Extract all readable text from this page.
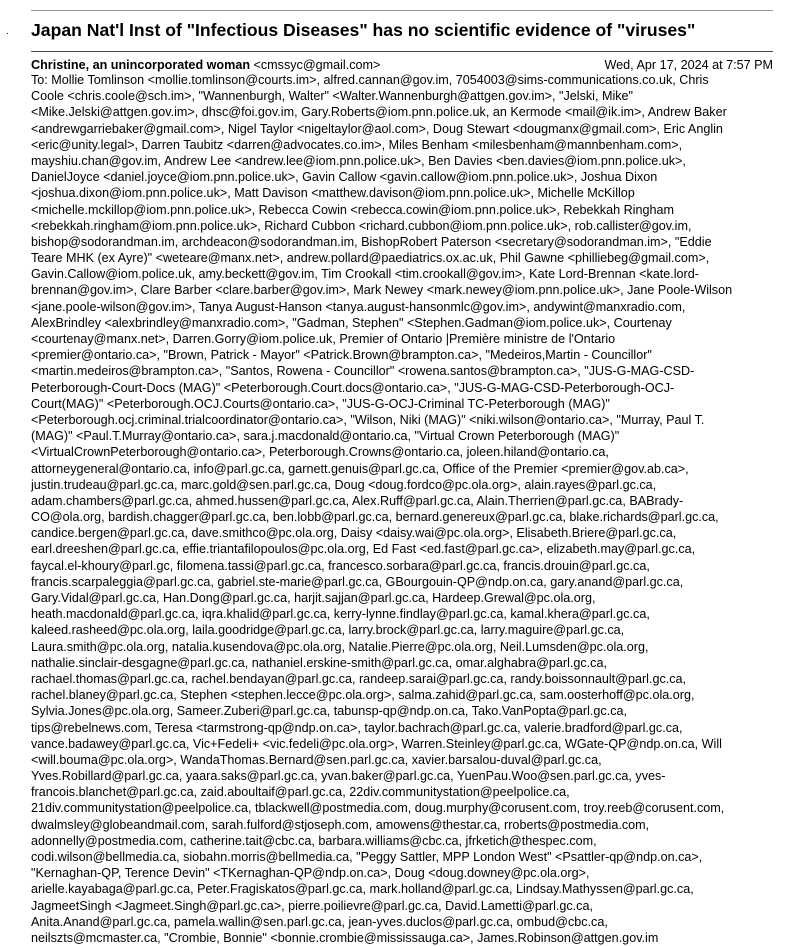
. Japan Nat'l Inst of "Infectious Diseases" has no scientific evidence of "viruses"
Christine, an unincorporated woman <cmssyc@gmail.com>	Wed, Apr 17, 2024 at 7:57 PM
To: Mollie Tomlinson <mollie.tomlinson@courts.im>, alfred.cannan@gov.im, 7054003@sims-communications.co.uk, Chris
Coole <chris.coole@sch.im>, "Wannenburgh, Walter" <Walter.Wannenburgh@attgen.gov.im>, "Jelski, Mike"
<Mike.Jelski@attgen.gov.im>, dhsc@foi.gov.im, Gary.Roberts@iom.pnn.police.uk, an Kermode <mail@ik.im>, Andrew Baker
<andrewgarriebaker@gmail.com>, Nigel Taylor <nigeltaylor@aol.com>, Doug Stewart <dougmanx@gmail.com>, Eric Anglin
<eric@unity.legal>, Darren Taubitz <darren@advocates.co.im>, Miles Benham <milesbenham@mannbenham.com>,
mayshiu.chan@gov.im, Andrew Lee <andrew.lee@iom.pnn.police.uk>, Ben Davies <ben.davies@iom.pnn.police.uk>,
DanielJoyce <daniel.joyce@iom.pnn.police.uk>, Gavin Callow <gavin.callow@iom.pnn.police.uk>, Joshua Dixon
<joshua.dixon@iom.pnn.police.uk>, Matt Davison <matthew.davison@iom.pnn.police.uk>, Michelle McKillop
<michelle.mckillop@iom.pnn.police.uk>, Rebecca Cowin <rebecca.cowin@iom.pnn.police.uk>, Rebekkah Ringham
<rebekkah.ringham@iom.pnn.police.uk>, Richard Cubbon <richard.cubbon@iom.pnn.police.uk>, rob.callister@gov.im,
bishop@sodorandman.im, archdeacon@sodorandman.im, BishopRobert Paterson <secretary@sodorandman.im>, "Eddie
Teare MHK (ex Ayre)" <weteare@manx.net>, andrew.pollard@paediatrics.ox.ac.uk, Phil Gawne <philliebeg@gmail.com>,
Gavin.Callow@iom.police.uk, amy.beckett@gov.im, Tim Crookall <tim.crookall@gov.im>, Kate Lord-Brennan <kate.lord-
brennan@gov.im>, Clare Barber <clare.barber@gov.im>, Mark Newey <mark.newey@iom.pnn.police.uk>, Jane Poole-Wilson
<jane.poole-wilson@gov.im>, Tanya August-Hanson <tanya.august-hansonmlc@gov.im>, andywint@manxradio.com,
AlexBrindley <alexbrindley@manxradio.com>, "Gadman, Stephen" <Stephen.Gadman@iom.police.uk>, Courtenay
<courtenay@manx.net>, Darren.Gorry@iom.police.uk, Premier of Ontario |Première ministre de l'Ontario
<premier@ontario.ca>, "Brown, Patrick - Mayor" <Patrick.Brown@brampton.ca>, "Medeiros,Martin - Councillor"
<martin.medeiros@brampton.ca>, "Santos, Rowena - Councillor" <rowena.santos@brampton.ca>, "JUS-G-MAG-CSD-
Peterborough-Court-Docs (MAG)" <Peterborough.Court.docs@ontario.ca>, "JUS-G-MAG-CSD-Peterborough-OCJ-
Court(MAG)" <Peterborough.OCJ.Courts@ontario.ca>, "JUS-G-OCJ-Criminal TC-Peterborough (MAG)"
<Peterborough.ocj.criminal.trialcoordinator@ontario.ca>, "Wilson, Niki (MAG)" <niki.wilson@ontario.ca>, "Murray, Paul T.
(MAG)" <Paul.T.Murray@ontario.ca>, sara.j.macdonald@ontario.ca, "Virtual Crown Peterborough (MAG)"
<VirtualCrownPeterborough@ontario.ca>, Peterborough.Crowns@ontario.ca, joleen.hiland@ontario.ca,
attorneygeneral@ontario.ca, info@parl.gc.ca, garnett.genuis@parl.gc.ca, Office of the Premier <premier@gov.ab.ca>,
justin.trudeau@parl.gc.ca, marc.gold@sen.parl.gc.ca, Doug <doug.fordco@pc.ola.org>, alain.rayes@parl.gc.ca,
adam.chambers@parl.gc.ca, ahmed.hussen@parl.gc.ca, Alex.Ruff@parl.gc.ca, Alain.Therrien@parl.gc.ca, BABrady-
CO@ola.org, bardish.chagger@parl.gc.ca, ben.lobb@parl.gc.ca, bernard.genereux@parl.gc.ca, blake.richards@parl.gc.ca,
candice.bergen@parl.gc.ca, dave.smithco@pc.ola.org, Daisy <daisy.wai@pc.ola.org>, Elisabeth.Briere@parl.gc.ca,
earl.dreeshen@parl.gc.ca, effie.triantafilopoulos@pc.ola.org, Ed Fast <ed.fast@parl.gc.ca>, elizabeth.may@parl.gc.ca,
faycal.el-khoury@parl.gc, filomena.tassi@parl.gc.ca, francesco.sorbara@parl.gc.ca, francis.drouin@parl.gc.ca,
francis.scarpaleggia@parl.gc.ca, gabriel.ste-marie@parl.gc.ca, GBourgouin-QP@ndp.on.ca, gary.anand@parl.gc.ca,
Gary.Vidal@parl.gc.ca, Han.Dong@parl.gc.ca, harjit.sajjan@parl.gc.ca, Hardeep.Grewal@pc.ola.org,
heath.macdonald@parl.gc.ca, iqra.khalid@parl.gc.ca, kerry-lynne.findlay@parl.gc.ca, kamal.khera@parl.gc.ca,
kaleed.rasheed@pc.ola.org, laila.goodridge@parl.gc.ca, larry.brock@parl.gc.ca, larry.maguire@parl.gc.ca,
Laura.smith@pc.ola.org, natalia.kusendova@pc.ola.org, Natalie.Pierre@pc.ola.org, Neil.Lumsden@pc.ola.org,
nathalie.sinclair-desgagne@parl.gc.ca, nathaniel.erskine-smith@parl.gc.ca, omar.alghabra@parl.gc.ca,
rachael.thomas@parl.gc.ca, rachel.bendayan@parl.gc.ca, randeep.sarai@parl.gc.ca, randy.boissonnault@parl.gc.ca,
rachel.blaney@parl.gc.ca, Stephen <stephen.lecce@pc.ola.org>, salma.zahid@parl.gc.ca, sam.oosterhoff@pc.ola.org,
Sylvia.Jones@pc.ola.org, Sameer.Zuberi@parl.gc.ca, tabunsp-qp@ndp.on.ca, Tako.VanPopta@parl.gc.ca,
tips@rebelnews.com, Teresa <tarmstrong-qp@ndp.on.ca>, taylor.bachrach@parl.gc.ca, valerie.bradford@parl.gc.ca,
vance.badawey@parl.gc.ca, Vic+Fedeli+ <vic.fedeli@pc.ola.org>, Warren.Steinley@parl.gc.ca, WGate-QP@ndp.on.ca, Will
<will.bouma@pc.ola.org>, WandaThomas.Bernard@sen.parl.gc.ca, xavier.barsalou-duval@parl.gc.ca,
Yves.Robillard@parl.gc.ca, yaara.saks@parl.gc.ca, yvan.baker@parl.gc.ca, YuenPau.Woo@sen.parl.gc.ca, yves-
francois.blanchet@parl.gc.ca, zaid.aboultaif@parl.gc.ca, 22div.communitystation@peelpolice.ca,
21div.communitystation@peelpolice.ca, tblackwell@postmedia.com, doug.murphy@corusent.com, troy.reeb@corusent.com,
dwalmsley@globeandmail.com, sarah.fulford@stjoseph.com, amowens@thestar.ca, rroberts@postmedia.com,
adonnelly@postmedia.com, catherine.tait@cbc.ca, barbara.williams@cbc.ca, jfrketich@thespec.com,
codi.wilson@bellmedia.ca, siobahn.morris@bellmedia.ca, "Peggy Sattler, MPP London West" <Psattler-qp@ndp.on.ca>,
"Kernaghan-QP, Terence Devin" <TKernaghan-QP@ndp.on.ca>, Doug <doug.downey@pc.ola.org>,
arielle.kayabaga@parl.gc.ca, Peter.Fragiskatos@parl.gc.ca, mark.holland@parl.gc.ca, Lindsay.Mathyssen@parl.gc.ca,
JagmeetSingh <Jagmeet.Singh@parl.gc.ca>, pierre.poilievre@parl.gc.ca, David.Lametti@parl.gc.ca,
Anita.Anand@parl.gc.ca, pamela.wallin@sen.parl.gc.ca, jean-yves.duclos@parl.gc.ca, ombud@cbc.ca,
neilszts@mcmaster.ca, "Crombie, Bonnie" <bonnie.crombie@mississauga.ca>, James.Robinson@attgen.gov.im
